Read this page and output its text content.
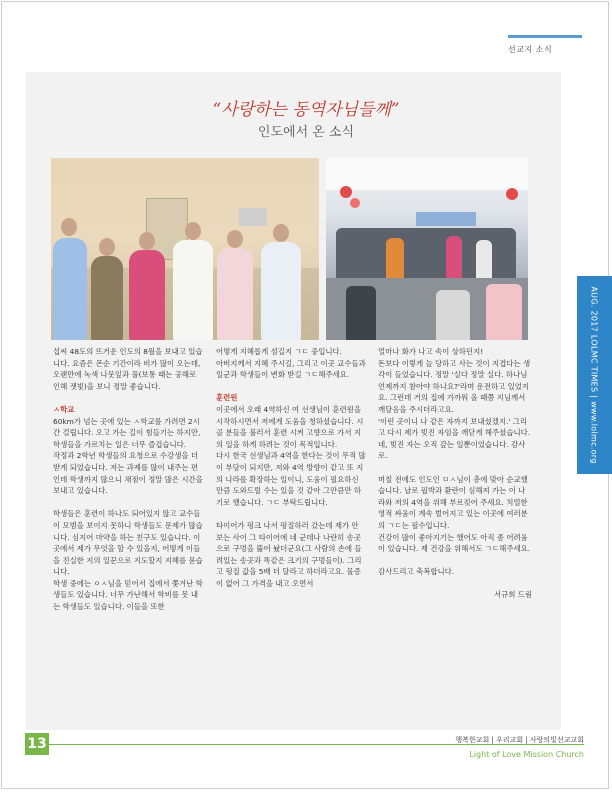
선교지 소식
AUG. 2017 LOLMC TIMES | www.lolmc.org
“사랑하는 동역자님들께”
인도에서 온 소식

섭씨 48도의 뜨거운 인도의 8월을 보내고 있습니다. 요즘은 몬순 기간이라 비가 많이 오는데, 오랜만에 녹색 나뭇잎과 풀(보통 때는 공해로 인해 잿빛)을 보니 정말 좋습니다.

ㅅ학교

60km가 넘는 곳에 있는 ㅅ학교를 가려면 2시간 걸립니다. 오고 가는 길이 힘들기는 하지만, 학생들을 가르치는 일은 너무 즐겁습니다.

작정과 2학년 학생들의 요청으로 수강생을 더 받게 되었습니다. 저는 과제를 많이 내주는 편인데 학생까지 많으니 채점이 정말 많은 시간을 보내고 있습니다.

학생들은 훈련이 하나도 되어있지 않고 교수들이 모범을 보이지 못하니 학생들도 문제가 많습니다. 심지어 마약을 하는 친구도 있습니다. 이곳에서 제가 무엇을 할 수 있을지, 어떻게 이들을 진실한 지의 일꾼으로 지도할지 지혜를 묻습니다.

학생 중에는 ㅇㅅ님을 믿어서 집에서 쫓겨난 학생들도 있습니다. 너무 가난해서 학비를 못 내는 학생들도 있습니다. 이들을 또한

어떻게 지혜롭게 섬길지 ㄱㄷ 중입니다.

아버지께서 지혜 주시길, 그리고 이곳 교수들과 일군과 학생들이 변화 받길 ㄱㄷ해주세요.

훈련원

이곳에서 오래 4역하신 여 선생님이 훈련원을 시작하시면서 저에게 도움을 청하셨습니다. 시골 분들을 불러서 훈련 시켜 고향으로 가서 지의 일을 하게 하려는 것이 목적입니다.

다시 한국 선생님과 4역을 한다는 것이 무적 많이 부담이 되지만, 저와 4역 방향이 같고 또 지의 나라를 확장하는 일이니, 도움이 필요하신 만큼 도와드릴 수는 있을 것 같아 그만큼만 하기로 했습니다. ㄱㄷ 부탁드립니다.

타이어가 펑크 나서 펑질하러 갔는데 제가 안 보는 사이 그 타이어에 네 군데나 나란히 송곳으로 구멍을 뚫어 놨더군요(그 사람의 손에 들려있는 송곳과 똑같은 크기의 구멍들이). 그리고 펑질 값을 5배 더 달라고 하더라고요. 물증이 없어 그 가격을 내고 오면서

얼마나 화가 나고 속이 상하던지!

돈보다 이렇게 늘 당하고 사는 것이 지겹다는 생각이 들었습니다. 정말 '실다 정말 실다. 하나님 언제까지 참아야 하나요?'라며 운전하고 있었지요. 그런데 거의 집에 가까워 올 때쯤 지님께서 깨달음을 주시더라고요.

'이런 곳이니 나 같은 자까지 보내셨겠지.' 그리고 다시 제가 빚진 자임을 깨닫게 해주셨습니다. 네, 빚진 자는 오직 갚는 일뿐이었습니다. 감사로.

며칠 전에도 인도인 ㅁㅅ님이 총에 맞아 순교했습니다. 날로 핍박과 환란이 심해져 가는 이 나라와 저의 4역을 위해 부르짖어 주세요. 치열한 영적 싸움이 계속 벌어지고 있는 이곳에 여러분의 ㄱㄷ는 필수입니다.

건강이 많이 좋아지기는 했어도 아직 좀 어려움이 있습니다. 제 건강을 위해서도 ㄱㄷ해주세요.

감사드리고 축복합니다.

서규희 드림

13	행복한교회 | 우리교회 | 사랑의빛선교교회
Light of Love Mission Church
